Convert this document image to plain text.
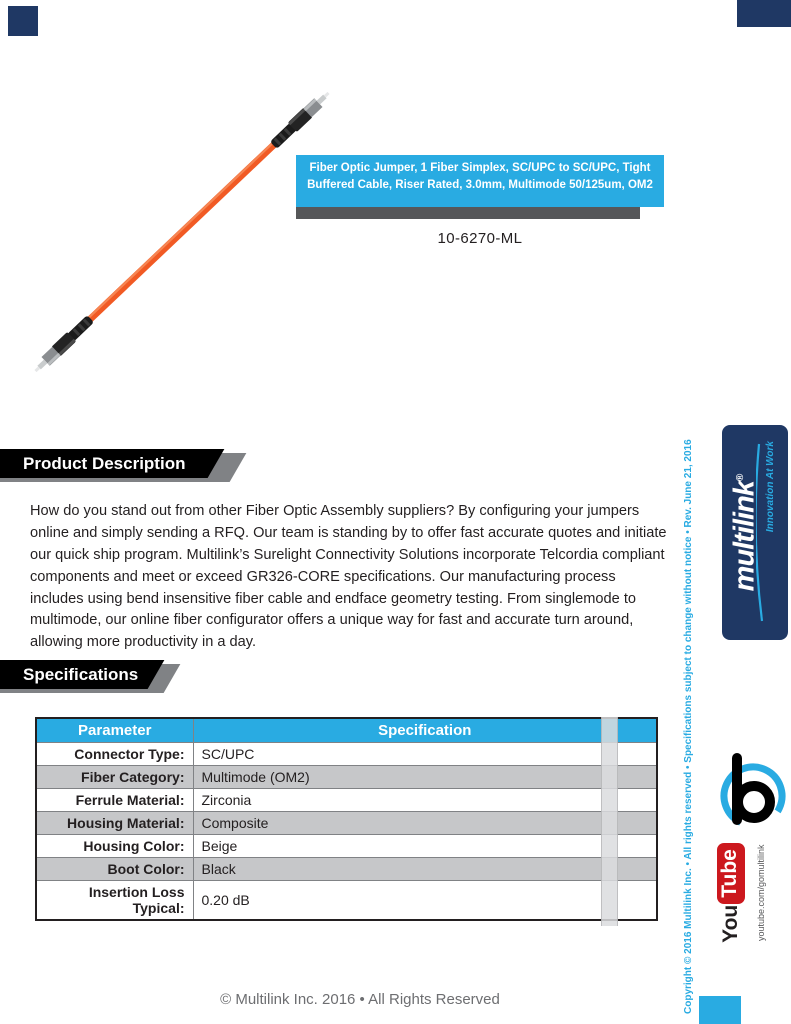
Fiber Optic Jumper, 1 Fiber Simplex, SC/UPC to SC/UPC, Tight Buffered Cable, Riser Rated, 3.0mm, Multimode 50/125um, OM2
10-6270-ML
Product Description

How do you stand out from other Fiber Optic Assembly suppliers? By configuring your jumpers online and simply sending a RFQ. Our team is standing by to offer fast accurate quotes and initiate our quick ship program. Multilink’s Surelight Connectivity Solutions incorporate Telcordia compliant components and meet or exceed GR326-CORE specifications. Our manufacturing process includes using bend insensitive fiber cable and endface geometry testing. From singlemode to multimode, our online fiber configurator offers a unique way for fast and accurate turn around, allowing more productivity in a day.

Specifications
Parameter	Specification
Connector Type:	SC/UPC
Fiber Category:	Multimode (OM2)
Ferrule Material:	Zirconia
Housing Material:	Composite
Housing Color:	Beige
Boot Color:	Black
Insertion Loss Typical:	0.20 dB
© Multilink Inc. 2016 • All Rights Reserved	Copyright © 2016 Multilink Inc. • All rights reserved • Specifications subject to change without notice • Rev. June 21, 2016 multilink®	Innovation At Work
You
Tube	youtube.com/gomultilink
